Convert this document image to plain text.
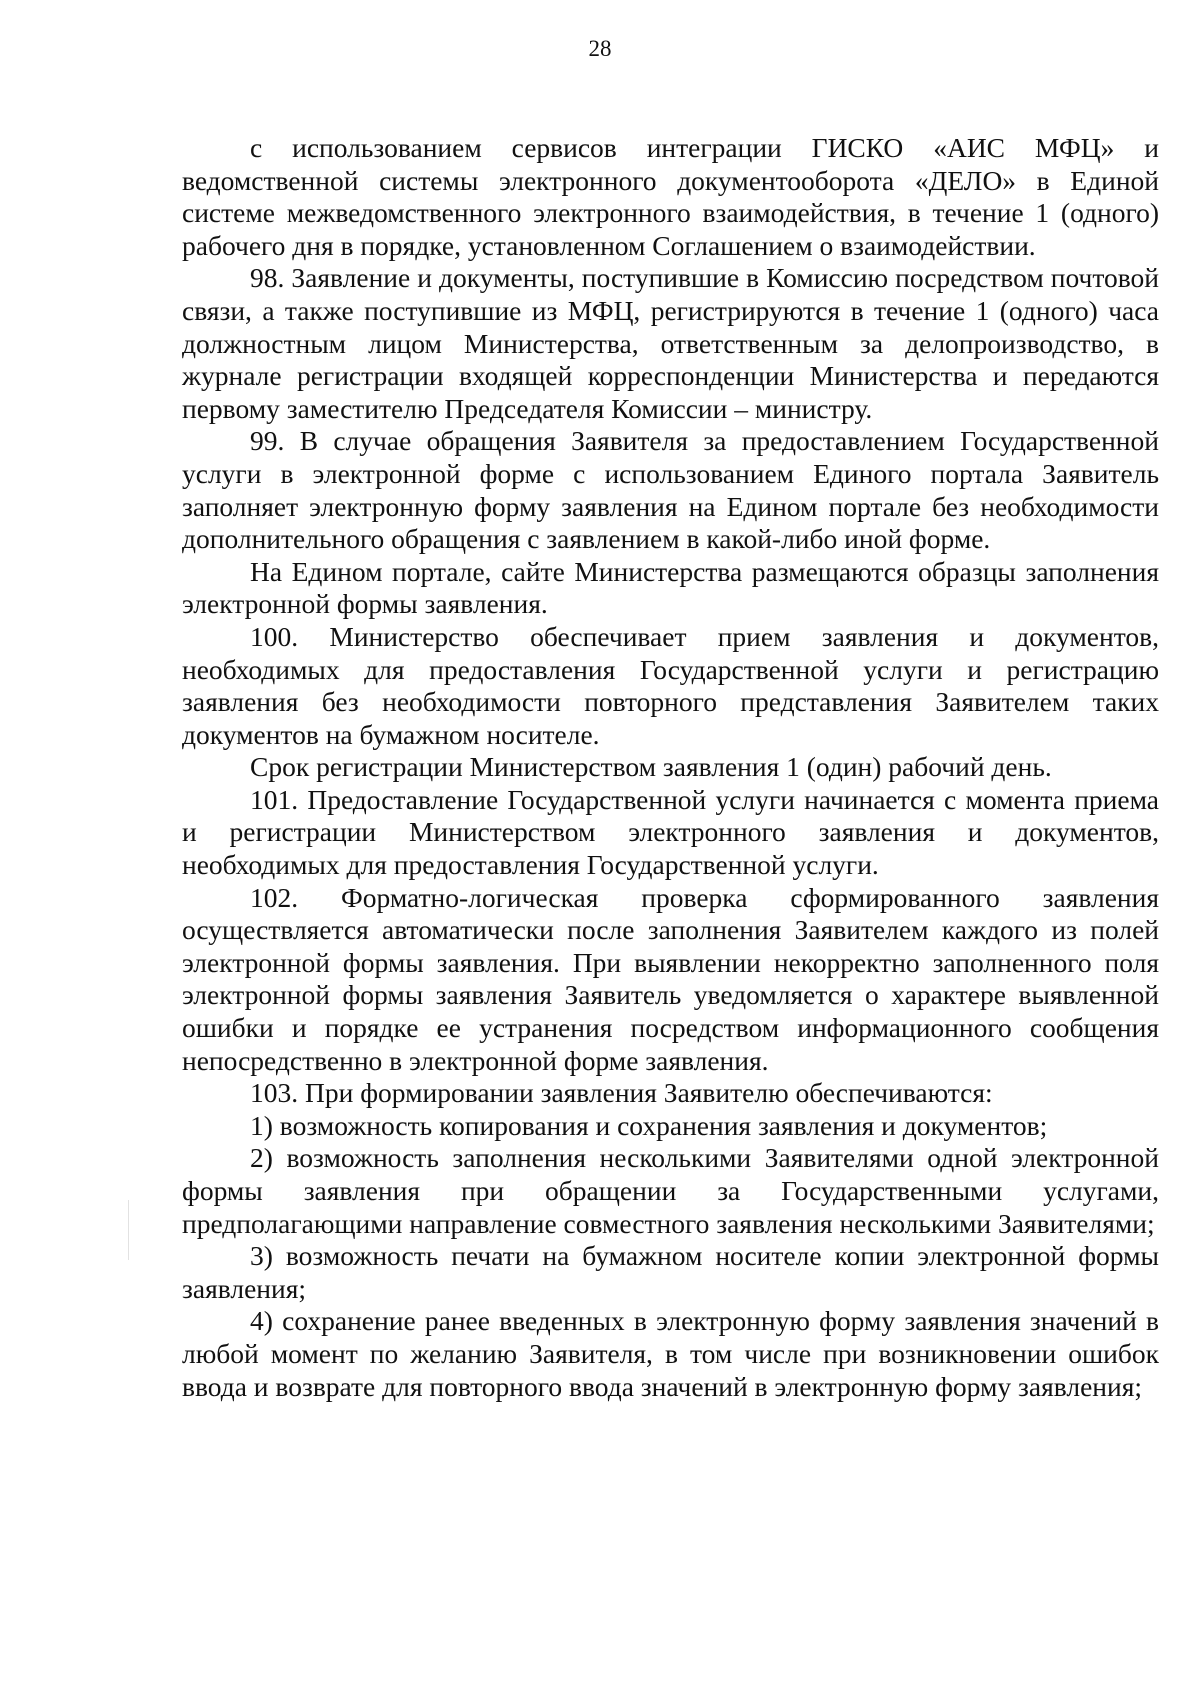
28

с использованием сервисов интеграции ГИСКО «АИС МФЦ» и ведомственной системы электронного документооборота «ДЕЛО» в Единой системе межведомственного электронного взаимодействия, в течение 1 (одного) рабочего дня в порядке, установленном Соглашением о взаимодействии.

98. Заявление и документы, поступившие в Комиссию посредством почтовой связи, а также поступившие из МФЦ, регистрируются в течение 1 (одного) часа должностным лицом Министерства, ответственным за делопроизводство, в журнале регистрации входящей корреспонденции Министерства и передаются первому заместителю Председателя Комиссии – министру.

99. В случае обращения Заявителя за предоставлением Государственной услуги в электронной форме с использованием Единого портала Заявитель заполняет электронную форму заявления на Едином портале без необходимости дополнительного обращения с заявлением в какой-либо иной форме.

На Едином портале, сайте Министерства размещаются образцы заполнения электронной формы заявления.

100. Министерство обеспечивает прием заявления и документов, необходимых для предоставления Государственной услуги и регистрацию заявления без необходимости повторного представления Заявителем таких документов на бумажном носителе.

Срок регистрации Министерством заявления 1 (один) рабочий день.

101. Предоставление Государственной услуги начинается с момента приема и регистрации Министерством электронного заявления и документов, необходимых для предоставления Государственной услуги.

102. Форматно-логическая проверка сформированного заявления осуществляется автоматически после заполнения Заявителем каждого из полей электронной формы заявления. При выявлении некорректно заполненного поля электронной формы заявления Заявитель уведомляется о характере выявленной ошибки и порядке ее устранения посредством информационного сообщения непосредственно в электронной форме заявления.

103. При формировании заявления Заявителю обеспечиваются:

1) возможность копирования и сохранения заявления и документов;

2) возможность заполнения несколькими Заявителями одной электронной формы заявления при обращении за Государственными услугами, предполагающими направление совместного заявления несколькими Заявителями;

3) возможность печати на бумажном носителе копии электронной формы заявления;

4) сохранение ранее введенных в электронную форму заявления значений в любой момент по желанию Заявителя, в том числе при возникновении ошибок ввода и возврате для повторного ввода значений в электронную форму заявления;
